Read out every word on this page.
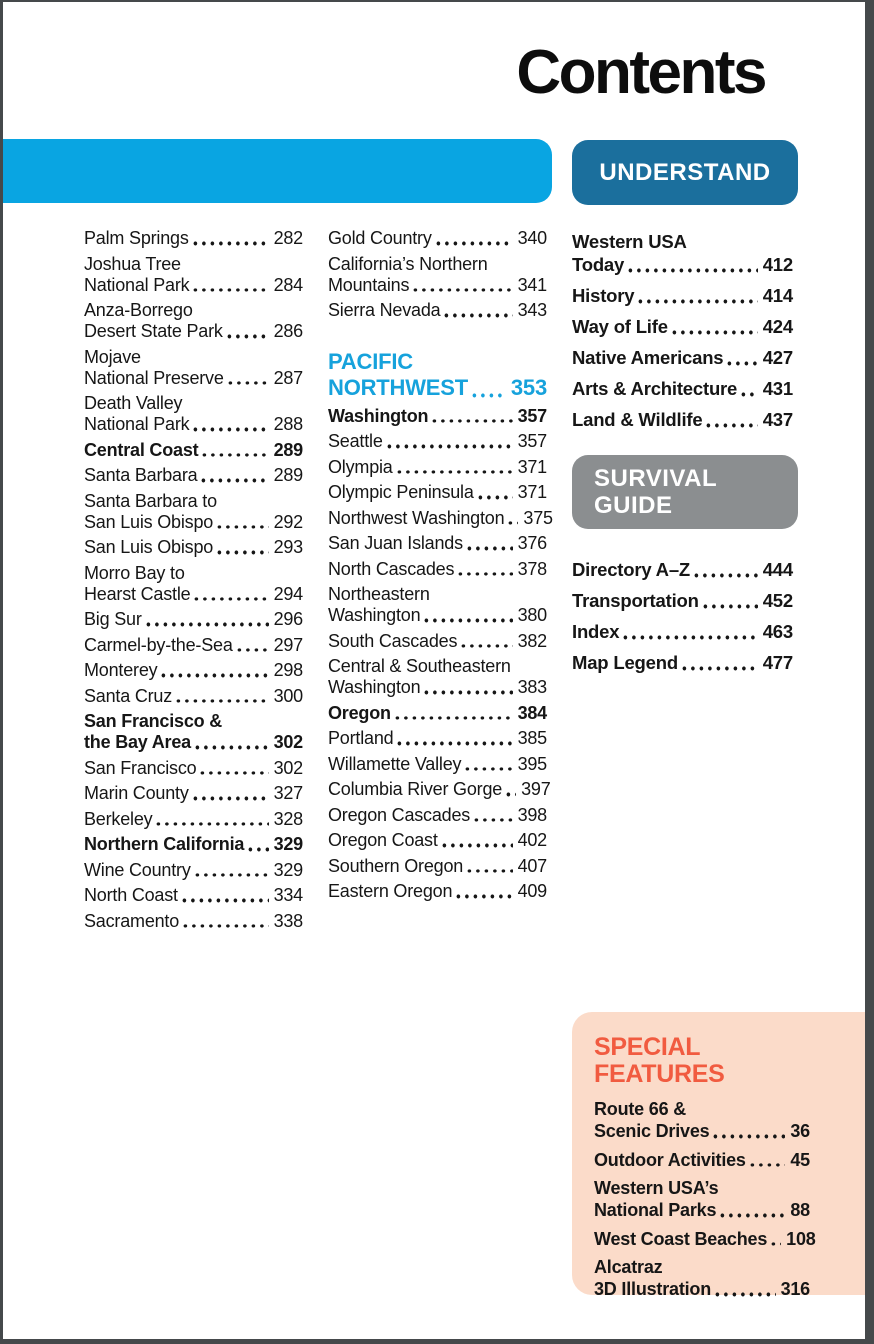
Contents
UNDERSTAND
Palm Springs	282
Joshua Tree
National Park	284
Anza-Borrego
Desert State Park	286
Mojave
National Preserve	287
Death Valley
National Park	288
Central Coast	289
Santa Barbara	289
Santa Barbara to
San Luis Obispo	292
San Luis Obispo	293
Morro Bay to
Hearst Castle	294
Big Sur	296
Carmel-by-the-Sea 297
Monterey	298
Santa Cruz	300
San Francisco &
the Bay Area	302
San Francisco	302
Marin County	327
Berkeley	328
Northern California 329
Wine Country	329
North Coast	334
Sacramento	338
Gold Country	340
California’s Northern
Mountains	341
Sierra Nevada	343
PACIFIC
NORTHWEST 353
Washington	357
Seattle	357
Olympia	371
Olympic Peninsula 371
Northwest Washington 375
San Juan Islands	376
North Cascades	378
Northeastern
Washington	380
South Cascades	382
Central & Southeastern
Washington	383
Oregon	384
Portland	385
Willamette Valley	395
Columbia River Gorge 397
Oregon Cascades	398
Oregon Coast	402
Southern Oregon	407
Eastern Oregon	409
Western USA
Today	412
History	414
Way of Life	424
Native Americans 427
Arts & Architecture 431
Land & Wildlife	437
SURVIVAL
GUIDE
Directory A–Z	444
Transportation	452
Index	463
Map Legend	477
SPECIAL
FEATURES
Route 66 &
Scenic Drives	36
Outdoor Activities 45
Western USA’s
National Parks	88
West Coast Beaches 108
Alcatraz
3D Illustration	316
